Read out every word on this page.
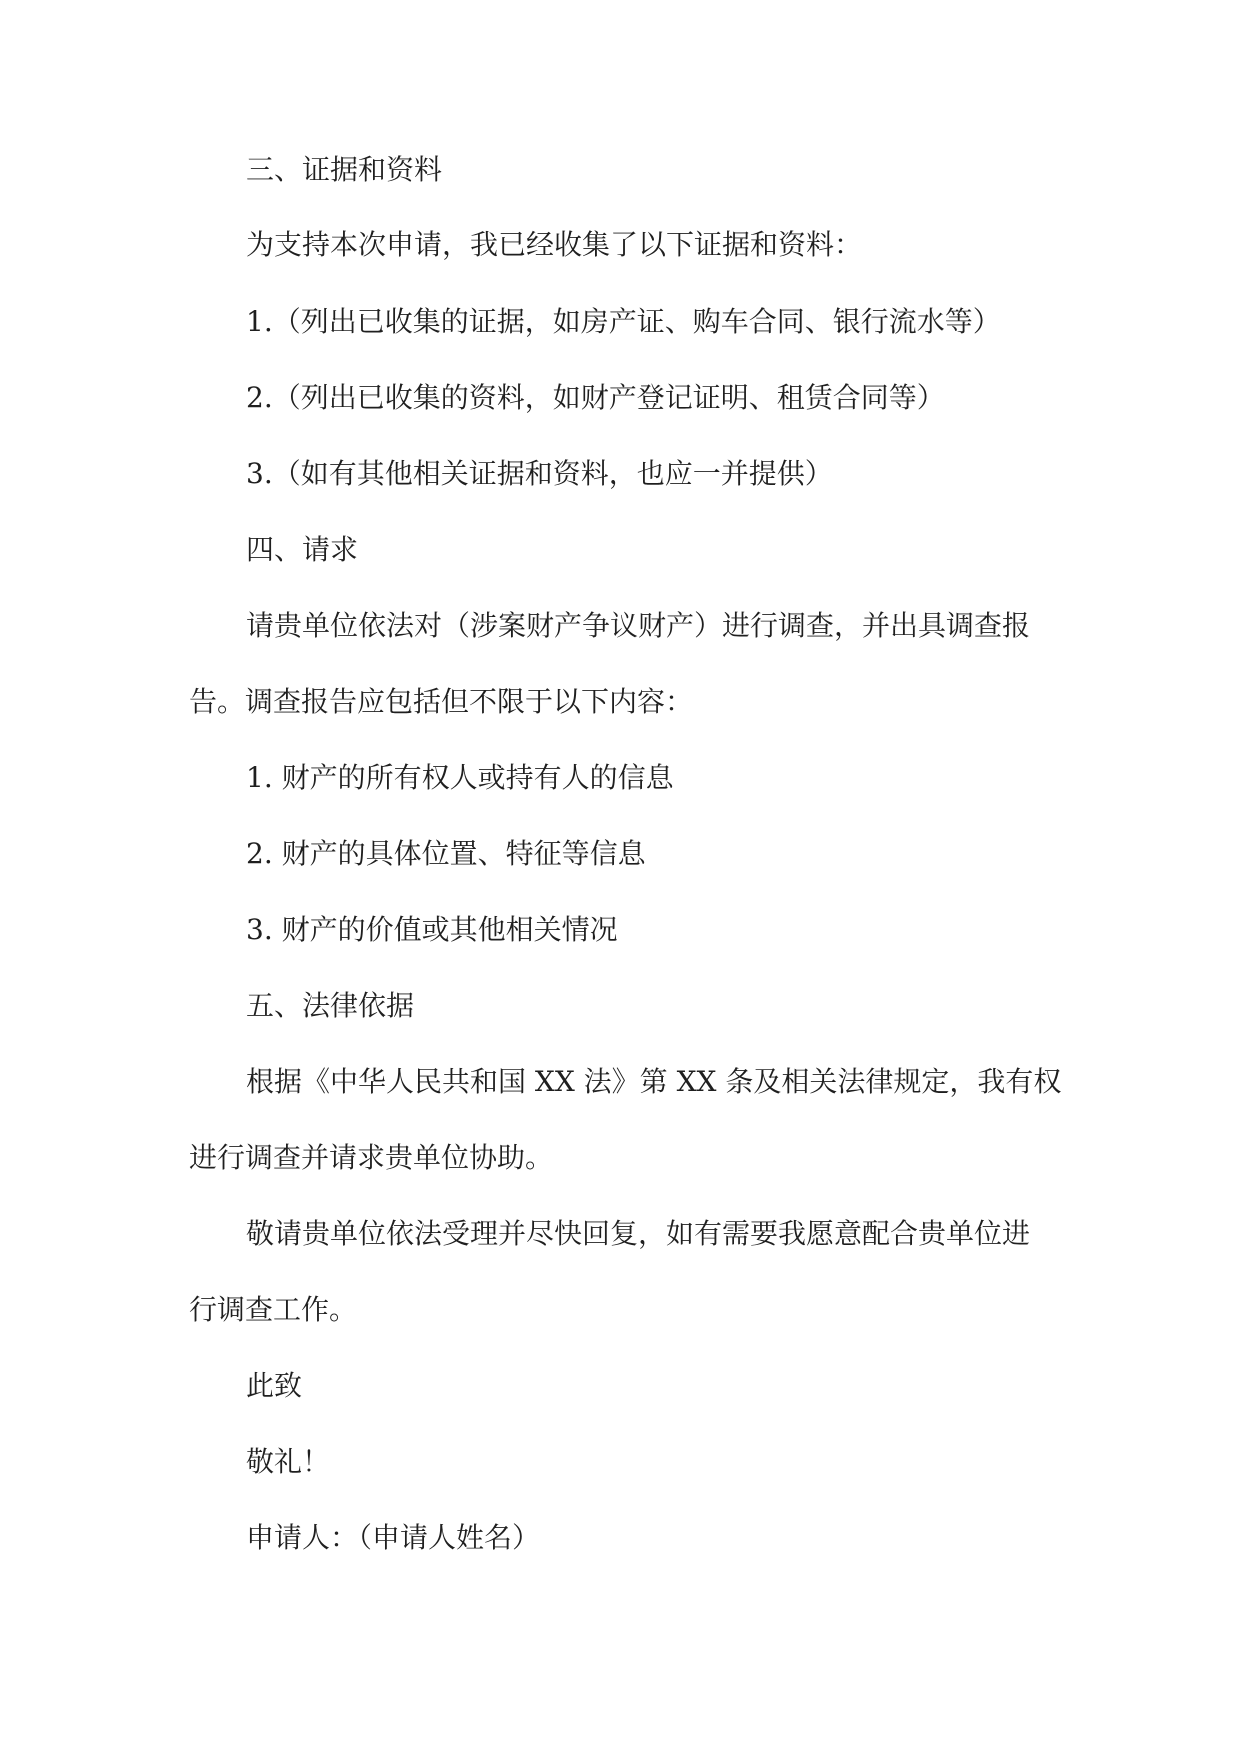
三、证据和资料
为支持本次申请，我已经收集了以下证据和资料：
1.（列出已收集的证据，如房产证、购车合同、银行流水等）
2.（列出已收集的资料，如财产登记证明、租赁合同等）
3.（如有其他相关证据和资料，也应一并提供）
四、请求
请贵单位依法对（涉案财产争议财产）进行调查，并出具调查报
告。调查报告应包括但不限于以下内容：
1. 财产的所有权人或持有人的信息
2. 财产的具体位置、特征等信息
3. 财产的价值或其他相关情况
五、法律依据
根据《中华人民共和国 XX 法》第 XX 条及相关法律规定，我有权
进行调查并请求贵单位协助。
敬请贵单位依法受理并尽快回复，如有需要我愿意配合贵单位进
行调查工作。
此致
敬礼！
申请人：（申请人姓名）
